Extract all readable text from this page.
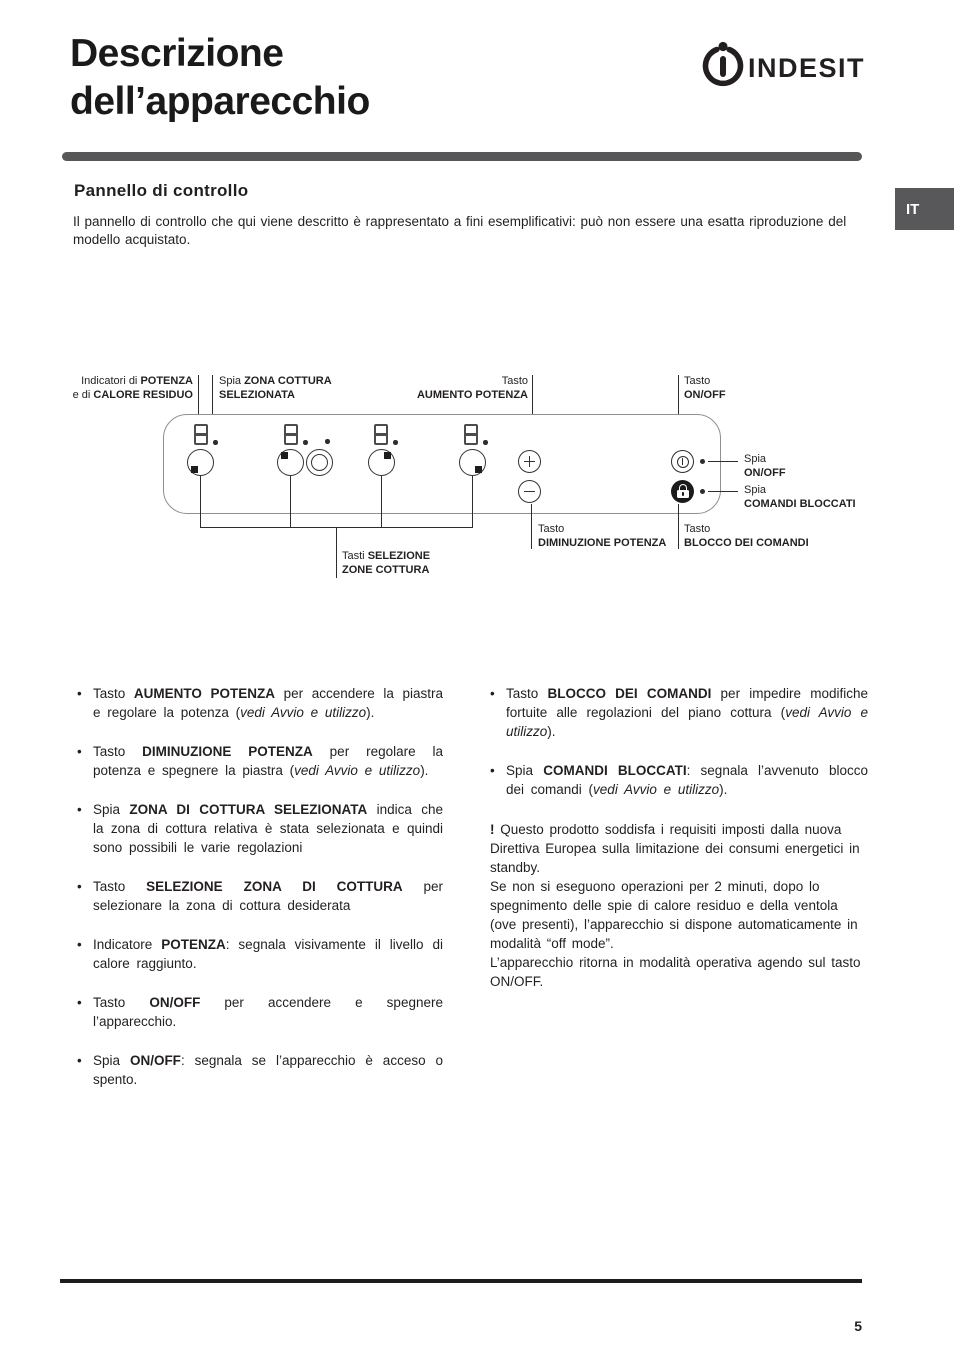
Descrizione
dell’apparecchio
INDESIT
IT
Pannello di controllo

Il pannello di controllo che qui viene descritto è rappresentato a fini esemplificativi: può non essere una esatta riproduzione del modello acquistato.

Indicatori di POTENZA
e di CALORE RESIDUO
Spia ZONA COTTURA
SELEZIONATA
Tasto
AUMENTO POTENZA
Tasto
ON/OFF
Spia
ON/OFF
Spia
COMANDI BLOCCATI
Tasti SELEZIONE
ZONE COTTURA
Tasto
DIMINUZIONE POTENZA
Tasto
BLOCCO DEI COMANDI
• Tasto AUMENTO POTENZA per accendere la piastra e regolare la potenza (vedi Avvio e utilizzo).
• Tasto DIMINUZIONE POTENZA per regolare la potenza e spegnere la piastra (vedi Avvio e utilizzo).
• Spia ZONA DI COTTURA SELEZIONATA indica che la zona di cottura relativa è stata selezionata e quindi sono possibili le varie regolazioni
• Tasto SELEZIONE ZONA DI COTTURA per selezionare la zona di cottura desiderata
• Indicatore POTENZA: segnala visivamente il livello di calore raggiunto.
• Tasto ON/OFF per accendere e spegnere l’apparecchio.
• Spia ON/OFF: segnala se l’apparecchio è acceso o spento.
• Tasto BLOCCO DEI COMANDI per impedire modifiche fortuite alle regolazioni del piano cottura (vedi Avvio e utilizzo).
• Spia COMANDI BLOCCATI: segnala l’avvenuto blocco dei comandi (vedi Avvio e utilizzo).

! Questo prodotto soddisfa i requisiti imposti dalla nuova Direttiva Europea sulla limitazione dei consumi energetici in standby.

Se non si eseguono operazioni per 2 minuti, dopo lo spegnimento delle spie di calore residuo e della ventola (ove presenti), l’apparecchio si dispone automaticamente in modalità “off mode”.

L’apparecchio ritorna in modalità operativa agendo sul tasto ON/OFF.

5
